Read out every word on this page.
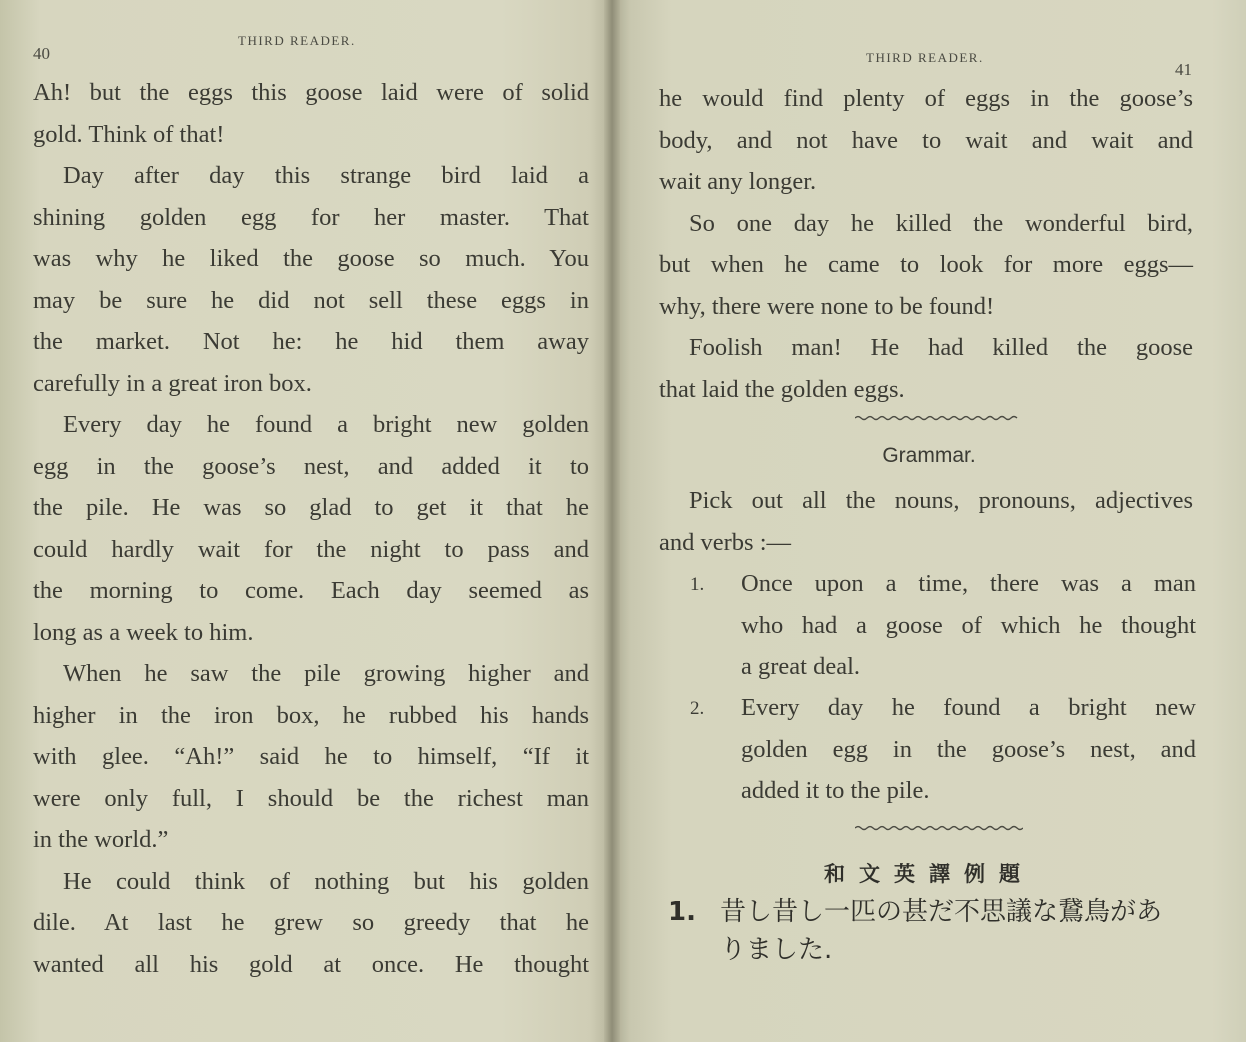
40
THIRD READER.
Ah! but the eggs this goose laid were of solid
gold. Think of that!
Day after day this strange bird laid a
shining golden egg for her master. That
was why he liked the goose so much. You
may be sure he did not sell these eggs in
the market. Not he: he hid them away
carefully in a great iron box.
Every day he found a bright new golden
egg in the goose’s nest, and added it to
the pile. He was so glad to get it that he
could hardly wait for the night to pass and
the morning to come. Each day seemed as
long as a week to him.
When he saw the pile growing higher and
higher in the iron box, he rubbed his hands
with glee. “Ah!” said he to himself, “If it
were only full, I should be the richest man
in the world.”
He could think of nothing but his golden
dile. At last he grew so greedy that he
wanted all his gold at once. He thought
THIRD READER.
41
he would find plenty of eggs in the goose’s
body, and not have to wait and wait and
wait any longer.
So one day he killed the wonderful bird,
but when he came to look for more eggs—
why, there were none to be found!
Foolish man! He had killed the goose
that laid the golden eggs.
Grammar.
Pick out all the nouns, pronouns, adjectives
and verbs :—
1. Once upon a time, there was a man
who had a goose of which he thought
a great deal.
2. Every day he found a bright new
golden egg in the goose’s nest, and
added it to the pile.
和文英譯例題
1. 昔し昔し一匹の甚だ不思議な鵞鳥があ
りました.
